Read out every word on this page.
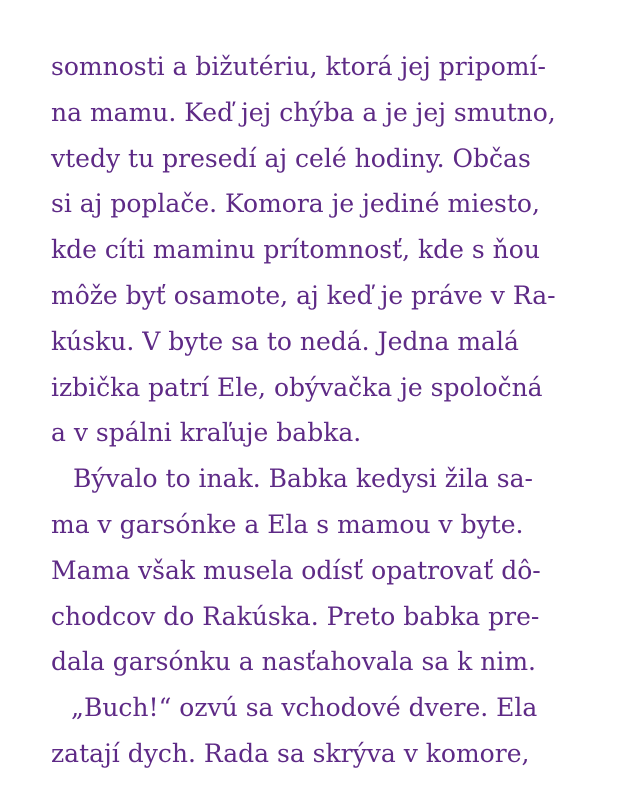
somnosti a bižutériu, ktorá jej pripomí-
na mamu. Keď jej chýba a je jej smutno,
vtedy tu presedí aj celé hodiny. Občas
si aj poplače. Komora je jediné miesto,
kde cíti maminu prítomnosť, kde s ňou
môže byť osamote, aj keď je práve v Ra-
kúsku. V byte sa to nedá. Jedna malá
izbička patrí Ele, obývačka je spoločná
a v spálni kraľuje babka.
Bývalo to inak. Babka kedysi žila sa-
ma v garsónke a Ela s mamou v byte.
Mama však musela odísť opatrovať dô-
chodcov do Rakúska. Preto babka pre-
dala garsónku a nasťahovala sa k nim.
„Buch!“ ozvú sa vchodové dvere. Ela
zatají dych. Rada sa skrýva v komore,
